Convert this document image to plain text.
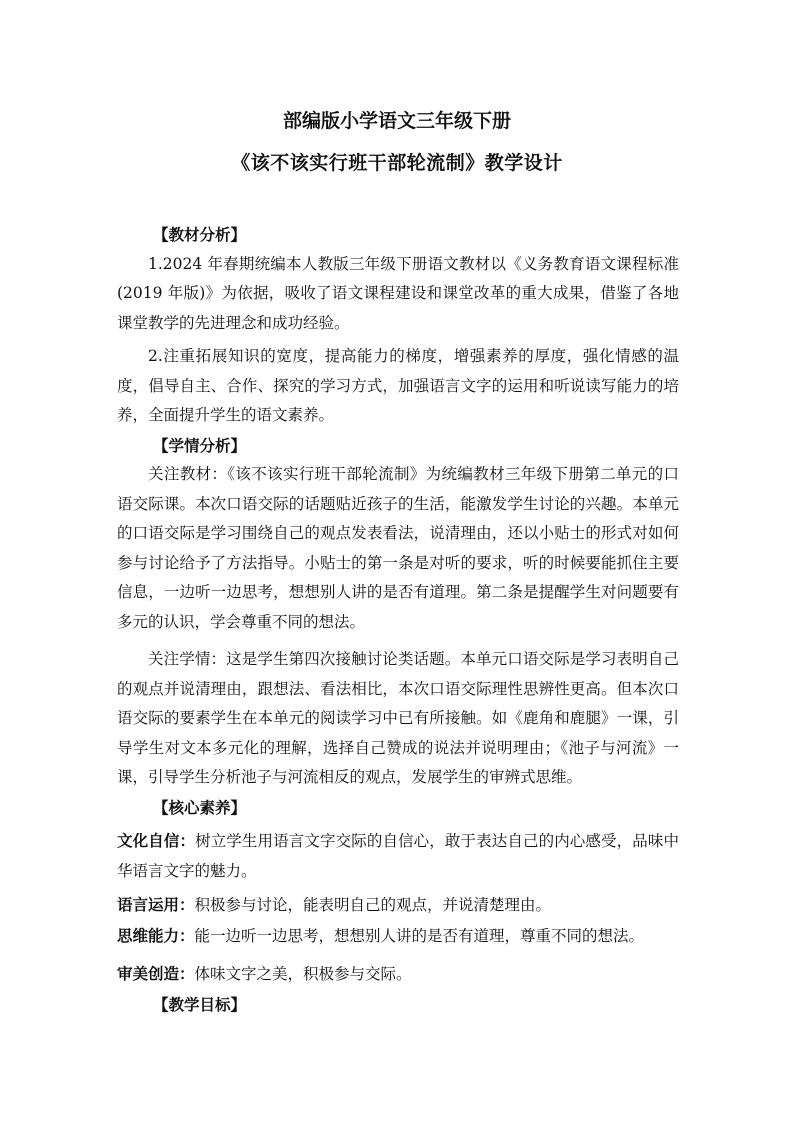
部编版小学语文三年级下册
《该不该实行班干部轮流制》教学设计

【教材分析】

1.2024 年春期统编本人教版三年级下册语文教材以《义务教育语文课程标准(2019 年版)》为依据，吸收了语文课程建设和课堂改革的重大成果，借鉴了各地课堂教学的先进理念和成功经验。

2.注重拓展知识的宽度，提高能力的梯度，增强素养的厚度，强化情感的温度，倡导自主、合作、探究的学习方式，加强语言文字的运用和听说读写能力的培养，全面提升学生的语文素养。

【学情分析】

关注教材：《该不该实行班干部轮流制》为统编教材三年级下册第二单元的口语交际课。本次口语交际的话题贴近孩子的生活，能激发学生讨论的兴趣。本单元的口语交际是学习围绕自己的观点发表看法，说清理由，还以小贴士的形式对如何参与讨论给予了方法指导。小贴士的第一条是对听的要求，听的时候要能抓住主要信息，一边听一边思考，想想别人讲的是否有道理。第二条是提醒学生对问题要有多元的认识，学会尊重不同的想法。

关注学情：这是学生第四次接触讨论类话题。本单元口语交际是学习表明自己的观点并说清理由，跟想法、看法相比，本次口语交际理性思辨性更高。但本次口语交际的要素学生在本单元的阅读学习中已有所接触。如《鹿角和鹿腿》一课，引导学生对文本多元化的理解，选择自己赞成的说法并说明理由；《池子与河流》一课，引导学生分析池子与河流相反的观点，发展学生的审辨式思维。

【核心素养】

文化自信：树立学生用语言文字交际的自信心，敢于表达自己的内心感受，品味中华语言文字的魅力。

语言运用：积极参与讨论，能表明自己的观点，并说清楚理由。

思维能力：能一边听一边思考，想想别人讲的是否有道理，尊重不同的想法。

审美创造：体味文字之美，积极参与交际。

【教学目标】
